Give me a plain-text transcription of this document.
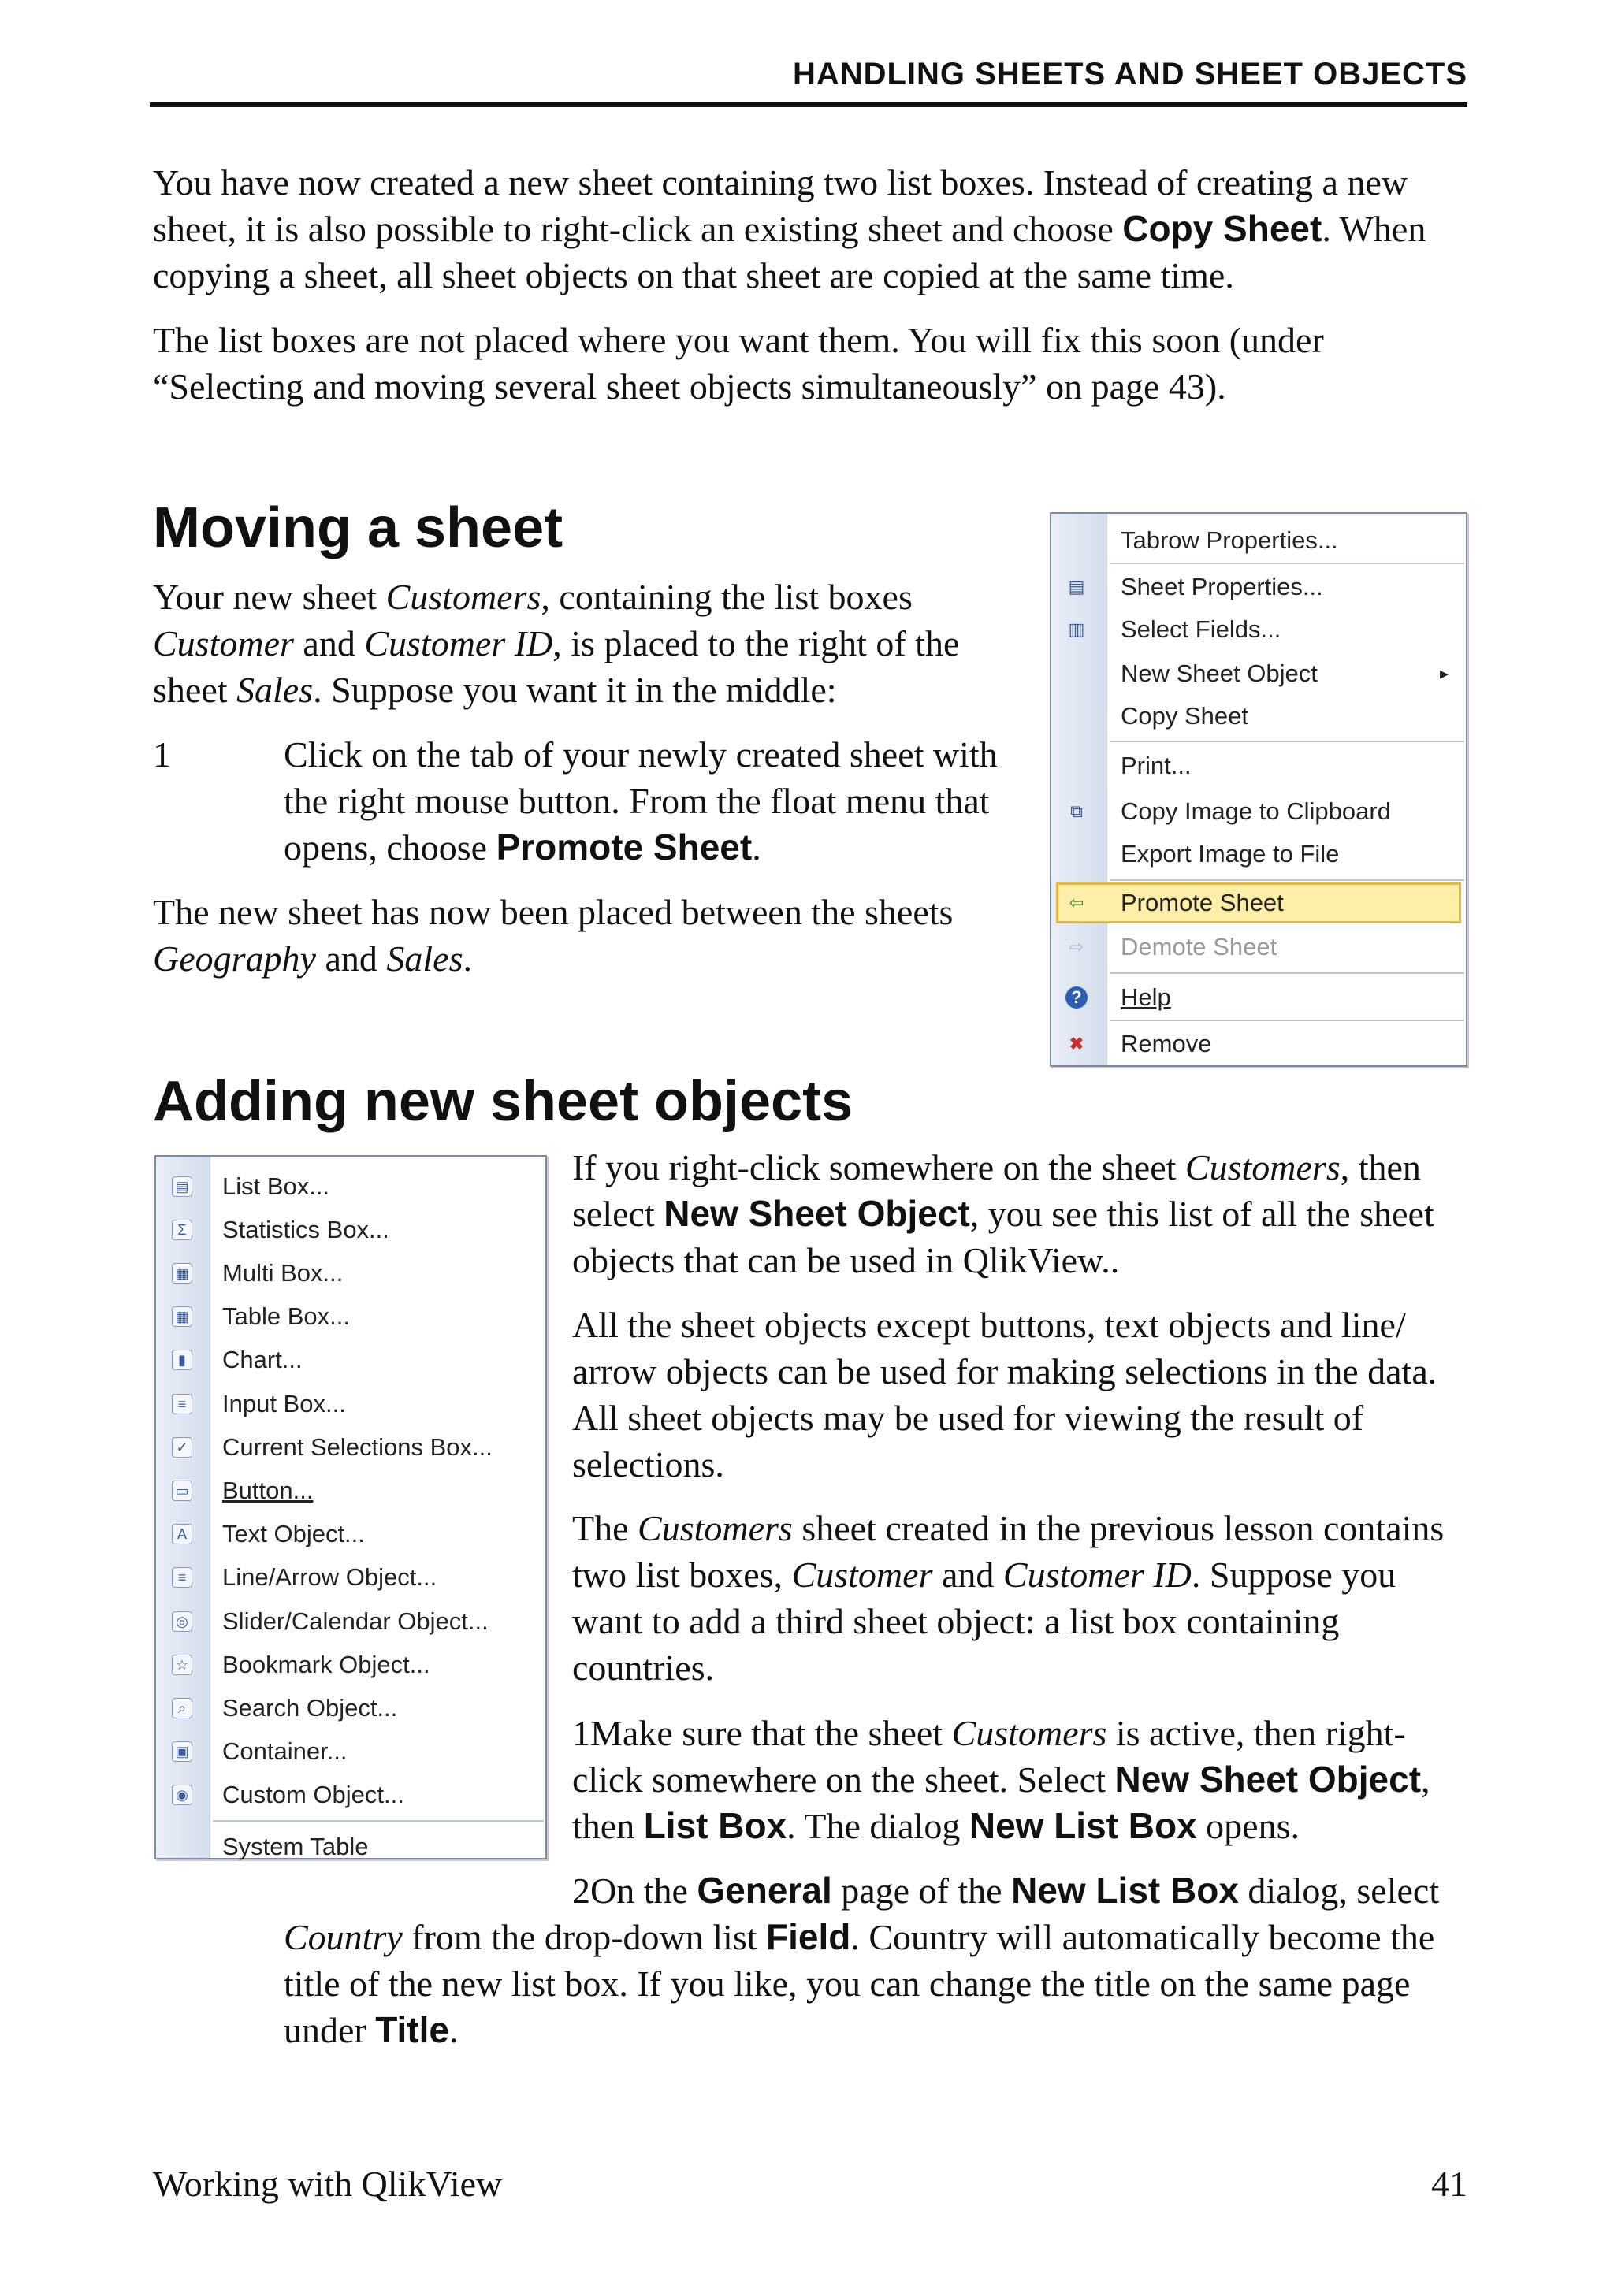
HANDLING SHEETS AND SHEET OBJECTS
You have now created a new sheet containing two list boxes. Instead of creating a new sheet, it is also possible to right-click an existing sheet and choose Copy Sheet. When copying a sheet, all sheet objects on that sheet are copied at the same time.
The list boxes are not placed where you want them. You will fix this soon (under “Selecting and moving several sheet objects simultaneously” on page 43).
Moving a sheet
Your new sheet Customers, containing the list boxes Customer and Customer ID, is placed to the right of the sheet Sales. Suppose you want it in the middle:
1	Click on the tab of your newly created sheet with the right mouse button. From the float menu that opens, choose Promote Sheet.
The new sheet has now been placed between the sheets Geography and Sales.
Tabrow Properties...
▤ Sheet Properties...
▥ Select Fields...
New Sheet Object	▸
Copy Sheet
Print...
⧉ Copy Image to Clipboard
Export Image to File
⇦ Promote Sheet
⇨ Demote Sheet
? Help
✖ Remove
Adding new sheet objects
▤ List Box...
Σ Statistics Box...
▦ Multi Box...
▦ Table Box...
▮ Chart...
≡ Input Box...
✓ Current Selections Box...
▭ Button...
A Text Object...
≡ Line/Arrow Object...
◎ Slider/Calendar Object...
☆ Bookmark Object...
⌕ Search Object...
▣ Container...
◉ Custom Object...
System Table
If you right-click somewhere on the sheet Customers, then select New Sheet Object, you see this list of all the sheet objects that can be used in QlikView..
All the sheet objects except buttons, text objects and line/ arrow objects can be used for making selections in the data. All sheet objects may be used for viewing the result of selections.
The Customers sheet created in the previous lesson contains two list boxes, Customer and Customer ID. Suppose you want to add a third sheet object: a list box containing countries.
1Make sure that the sheet Customers is active, then right-click somewhere on the sheet. Select New Sheet Object, then List Box. The dialog New List Box opens.
2On the General page of the New List Box dialog, select
Country from the drop-down list Field. Country will automatically become the title of the new list box. If you like, you can change the title on the same page under Title.
Working with QlikView	41
